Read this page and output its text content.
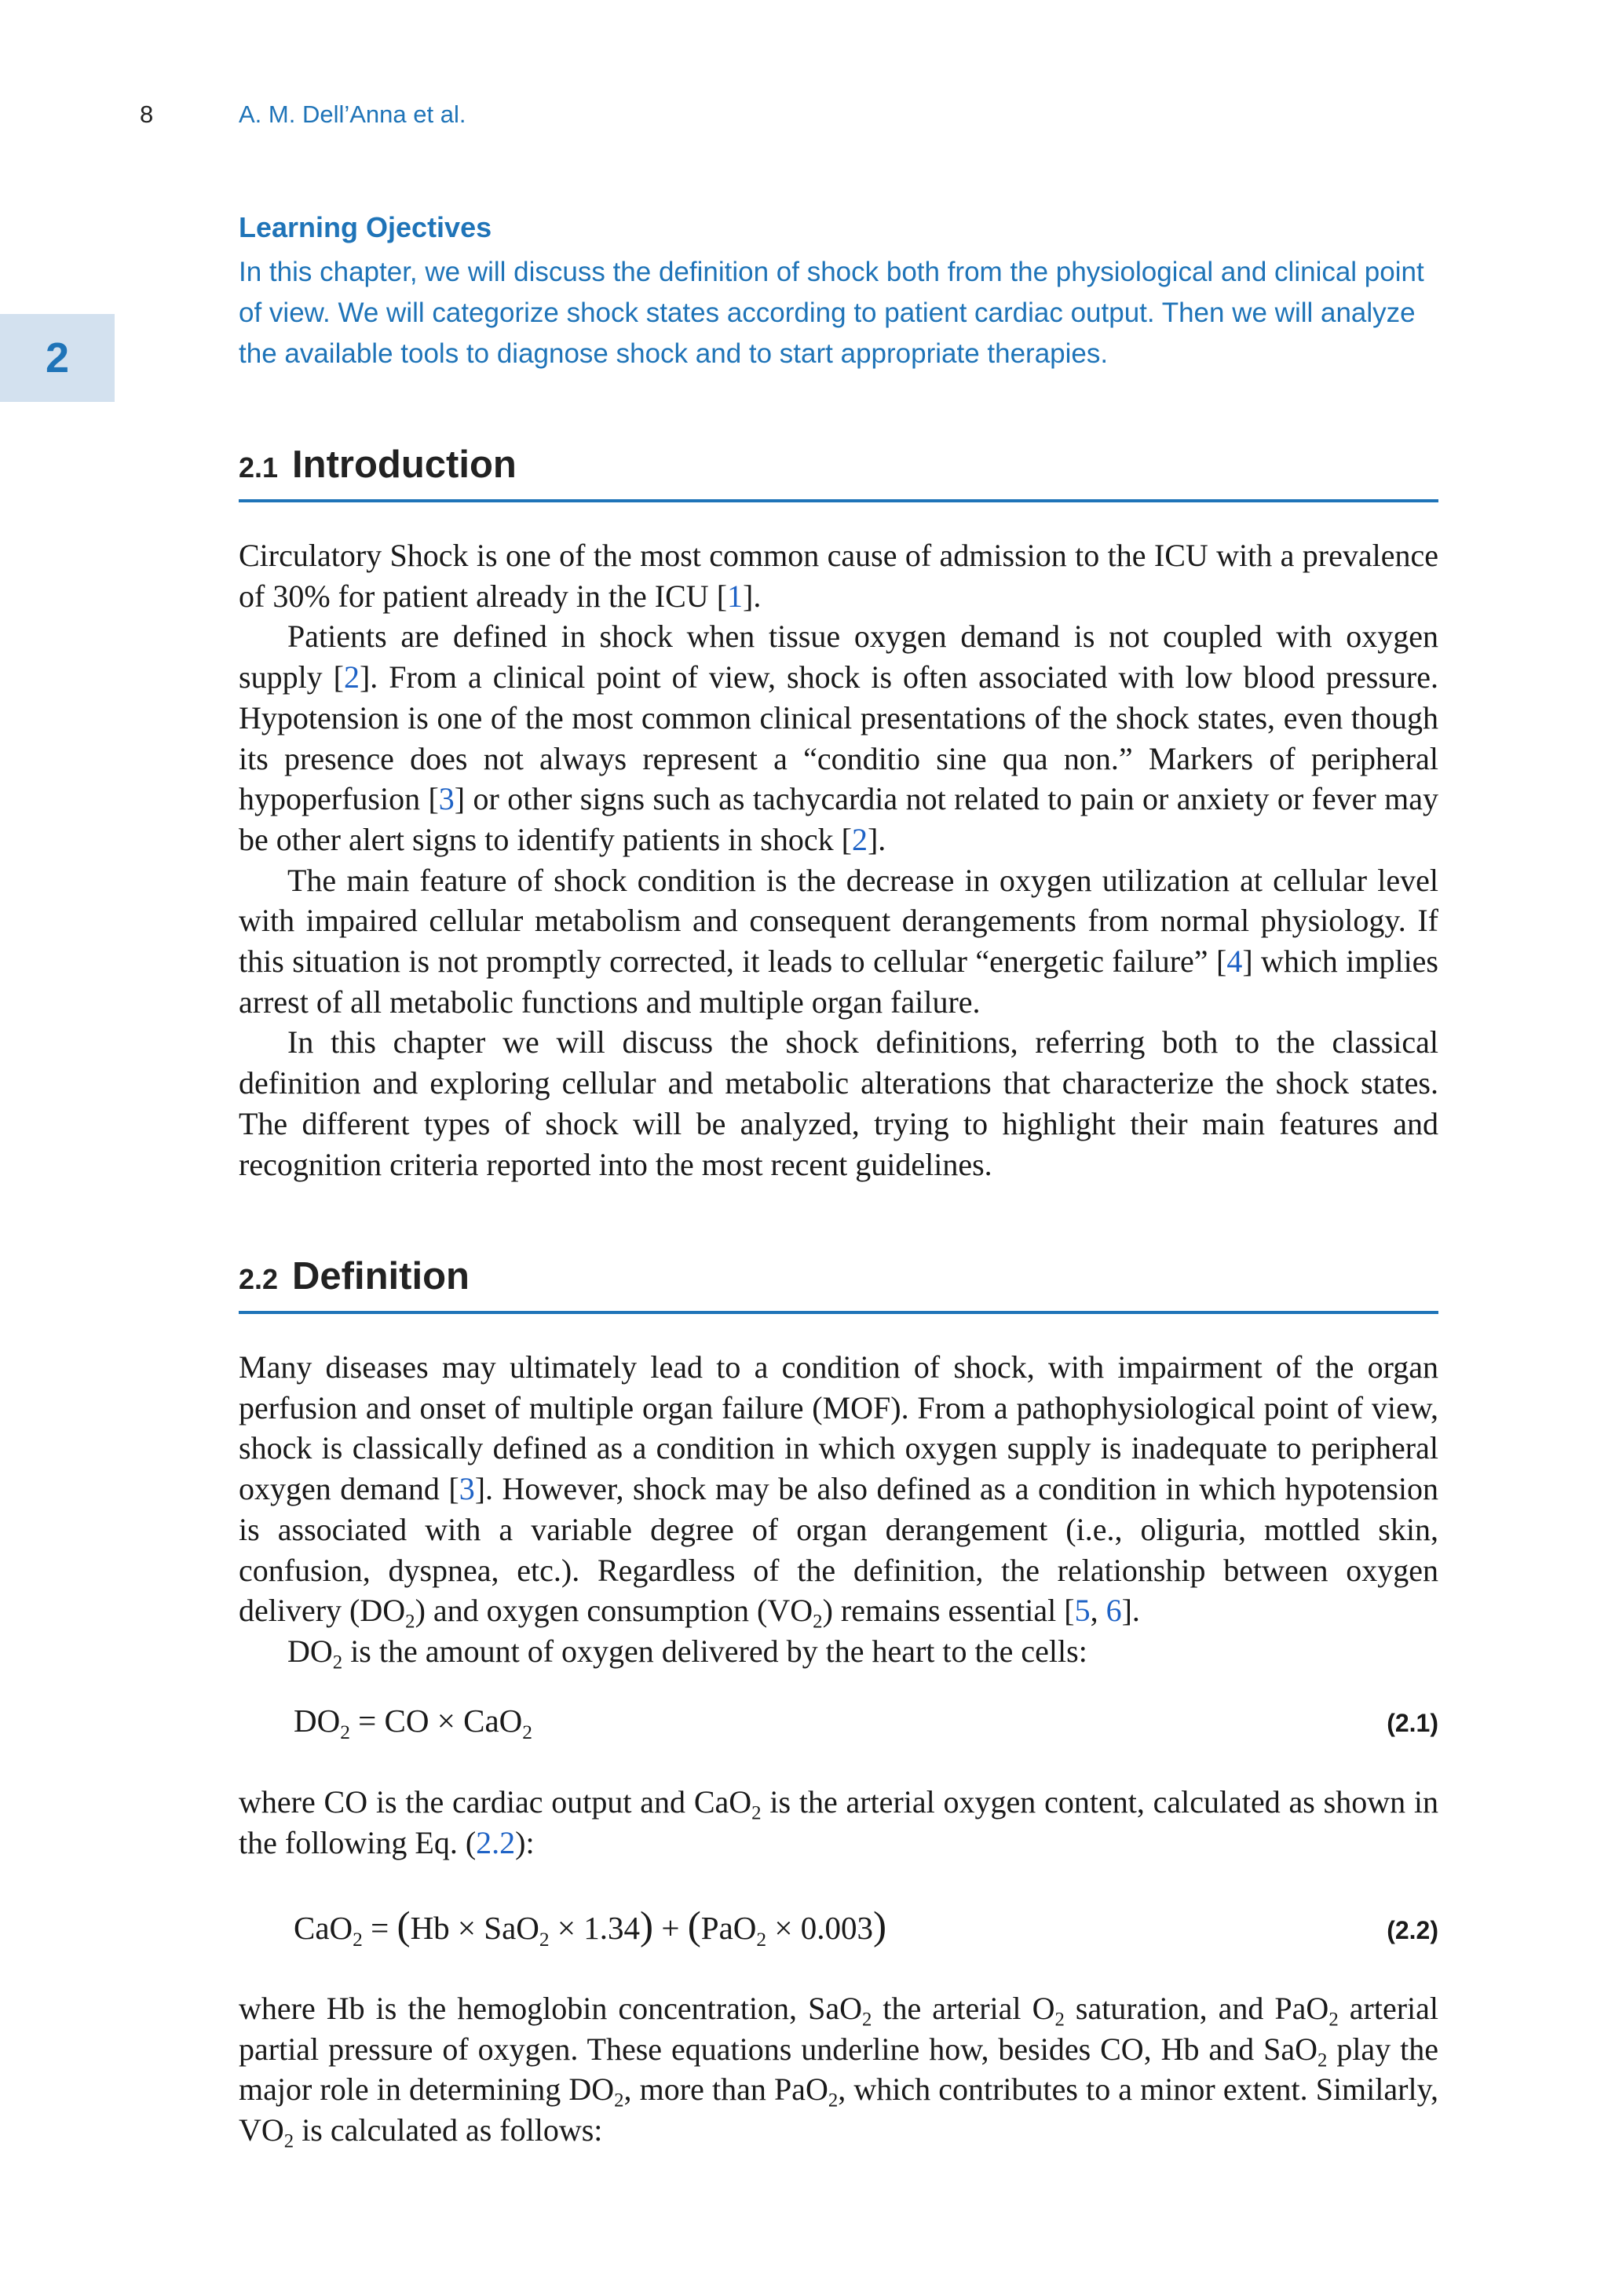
8	A. M. Dell’Anna et al.
2
Learning Ojectives

In this chapter, we will discuss the definition of shock both from the physiological and clinical point of view. We will categorize shock states according to patient cardiac output. Then we will analyze the available tools to diagnose shock and to start appropriate therapies.

2.1 Introduction

Circulatory Shock is one of the most common cause of admission to the ICU with a prevalence of 30% for patient already in the ICU [1].

Patients are defined in shock when tissue oxygen demand is not coupled with oxygen supply [2]. From a clinical point of view, shock is often associated with low blood pressure. Hypotension is one of the most common clinical presentations of the shock states, even though its presence does not always represent a “conditio sine qua non.” Markers of peripheral hypoperfusion [3] or other signs such as tachycardia not related to pain or anxiety or fever may be other alert signs to identify patients in shock [2].

The main feature of shock condition is the decrease in oxygen utilization at cellular level with impaired cellular metabolism and consequent derangements from normal physiology. If this situation is not promptly corrected, it leads to cellular “energetic failure” [4] which implies arrest of all metabolic functions and multiple organ failure.

In this chapter we will discuss the shock definitions, referring both to the classical definition and exploring cellular and metabolic alterations that characterize the shock states. The different types of shock will be analyzed, trying to highlight their main features and recognition criteria reported into the most recent guidelines.

2.2 Definition

Many diseases may ultimately lead to a condition of shock, with impairment of the organ perfusion and onset of multiple organ failure (MOF). From a pathophysiological point of view, shock is classically defined as a condition in which oxygen supply is inadequate to peripheral oxygen demand [3]. However, shock may be also defined as a condition in which hypotension is associated with a variable degree of organ derangement (i.e., oliguria, mottled skin, confusion, dyspnea, etc.). Regardless of the definition, the relationship between oxygen delivery $(DO_2)$ and oxygen consumption $(VO_2)$ remains essential [5, 6].

$DO_2$ is the amount of oxygen delivered by the heart to the cells:

$DO_2$ = CO × CaO$_2$	(2.1)

where CO is the cardiac output and CaO$_2$ is the arterial oxygen content, calculated as shown in the following Eq. (2.2):

CaO$_2$ = (Hb × SaO$_2$ × 1.34) + (PaO$_2$ × 0.003)	(2.2)

where Hb is the hemoglobin concentration, SaO$_2$ the arterial $O_2$ saturation, and PaO$_2$ arterial partial pressure of oxygen. These equations underline how, besides CO, Hb and SaO$_2$ play the major role in determining $DO_2$, more than PaO$_2$, which contributes to a minor extent. Similarly, $VO_2$ is calculated as follows:
